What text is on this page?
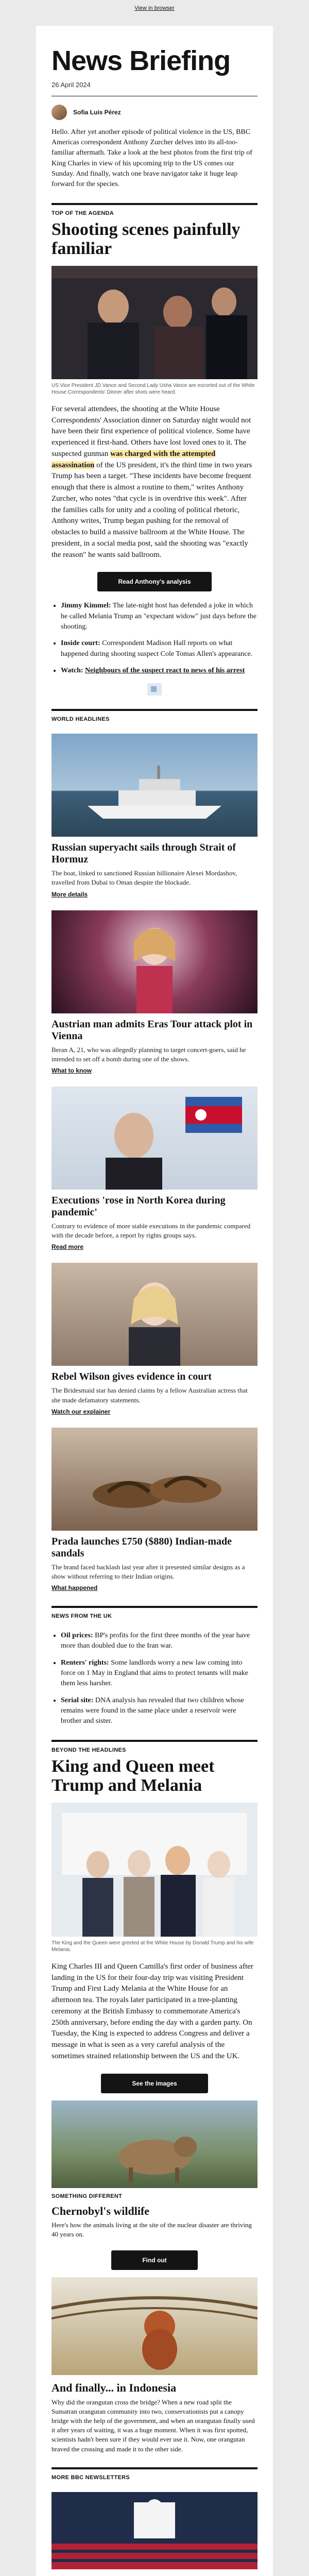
View in browser
News Briefing
26 April 2024
Sofia Luis Pérez
Hello. After yet another episode of political violence in the US, BBC Americas correspondent Anthony Zurcher delves into its all-too-familiar aftermath. Take a look at the best photos from the first trip of King Charles in view of his upcoming trip to the US comes our Sunday. And finally, watch one brave navigator take it huge leap forward for the species.
TOP OF THE AGENDA
Shooting scenes painfully familiar
US Vice President JD Vance and Second Lady Usha Vance are escorted out of the White House Correspondents' Dinner after shots were heard.
For several attendees, the shooting at the White House Correspondents' Association dinner on Saturday night would not have been their first experience of political violence. Some have experienced it first-hand. Others have lost loved ones to it. The suspected gunman was charged with the attempted assassination of the US president, it's the third time in two years Trump has been a target. "These incidents have become frequent enough that there is almost a routine to them," writes Anthony Zurcher, who notes "that cycle is in overdrive this week". After the families calls for unity and a cooling of political rhetoric, Anthony writes, Trump began pushing for the removal of obstacles to build a massive ballroom at the White House. The president, in a social media post, said the shooting was "exactly the reason" he wants said ballroom.
Read Anthony's analysis
• Jimmy Kimmel: The late-night host has defended a joke in which he called Melania Trump an "expectant widow" just days before the shooting.
• Inside court: Correspondent Madison Hall reports on what happened during shooting suspect Cole Tomas Allen's appearance.
• Watch: Neighbours of the suspect react to news of his arrest
▦
WORLD HEADLINES
Russian superyacht sails through Strait of Hormuz

The boat, linked to sanctioned Russian billionaire Alexei Mordashov, travelled from Dubai to Oman despite the blockade.

More details
Austrian man admits Eras Tour attack plot in Vienna

Beran A, 21, who was allegedly planning to target concert-goers, said he intended to set off a bomb during one of the shows.

What to know
Executions 'rose in North Korea during pandemic'

Contrary to evidence of more stable executions in the pandemic compared with the decade before, a report by rights groups says.

Read more
Rebel Wilson gives evidence in court

The Bridesmaid star has denied claims by a fellow Australian actress that she made defamatory statements.

Watch our explainer
Prada launches £750 ($880) Indian-made sandals

The brand faced backlash last year after it presented similar designs as a show without referring to their Indian origins.

What happened
NEWS FROM THE UK
• Oil prices: BP's profits for the first three months of the year have more than doubled due to the Iran war.
• Renters' rights: Some landlords worry a new law coming into force on 1 May in England that aims to protect tenants will make them less harsher.
• Serial site: DNA analysis has revealed that two children whose remains were found in the same place under a reservoir were brother and sister.
BEYOND THE HEADLINES
King and Queen meet Trump and Melania
The King and the Queen were greeted at the White House by Donald Trump and his wife Melania.
King Charles III and Queen Camilla's first order of business after landing in the US for their four-day trip was visiting President Trump and First Lady Melania at the White House for an afternoon tea. The royals later participated in a tree-planting ceremony at the British Embassy to commemorate America's 250th anniversary, before ending the day with a garden party. On Tuesday, the King is expected to address Congress and deliver a message in what is seen as a very careful analysis of the sometimes strained relationship between the US and the UK.
See the images
SOMETHING DIFFERENT
Chernobyl's wildlife
Here's how the animals living at the site of the nuclear disaster are thriving 40 years on.
Find out
And finally... in Indonesia
Why did the orangutan cross the bridge? When a new road split the Sumatran orangutan community into two, conservationists put a canopy bridge with the help of the government, and when an orangutan finally used it after years of waiting, it was a huge moment. When it was first spotted, scientists hadn't been sure if they would ever use it. Now, one orangutan braved the crossing and made it to the other side.
MORE BBC NEWSLETTERS
